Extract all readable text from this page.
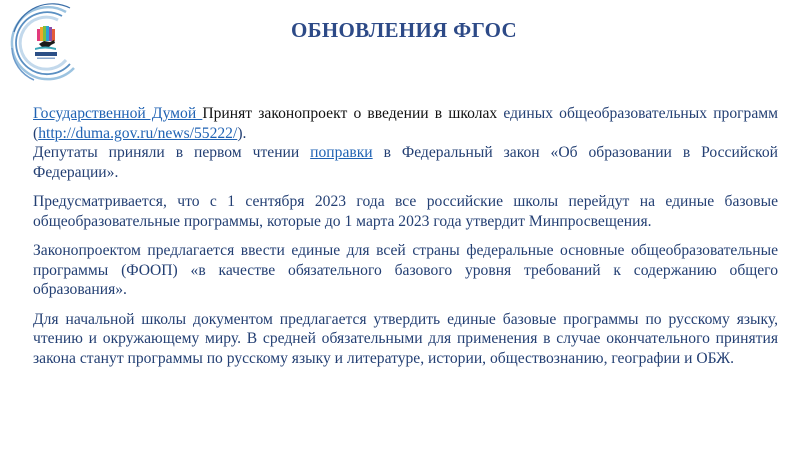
ОБНОВЛЕНИЯ ФГОС

Государственной Думой Принят законопроект о введении в школах единых общеобразовательных программ (http://duma.gov.ru/news/55222/).

Депутаты приняли в первом чтении поправки в Федеральный закон «Об образовании в Российской Федерации».

Предусматривается, что с 1 сентября 2023 года все российские школы перейдут на единые базовые общеобразовательные программы, которые до 1 марта 2023 года утвердит Минпросвещения.

Законопроектом предлагается ввести единые для всей страны федеральные основные общеобразовательные программы (ФООП) «в качестве обязательного базового уровня требований к содержанию общего образования».

Для начальной школы документом предлагается утвердить единые базовые программы по русскому языку, чтению и окружающему миру. В средней обязательными для применения в случае окончательного принятия закона станут программы по русскому языку и литературе, истории, обществознанию, географии и ОБЖ.
